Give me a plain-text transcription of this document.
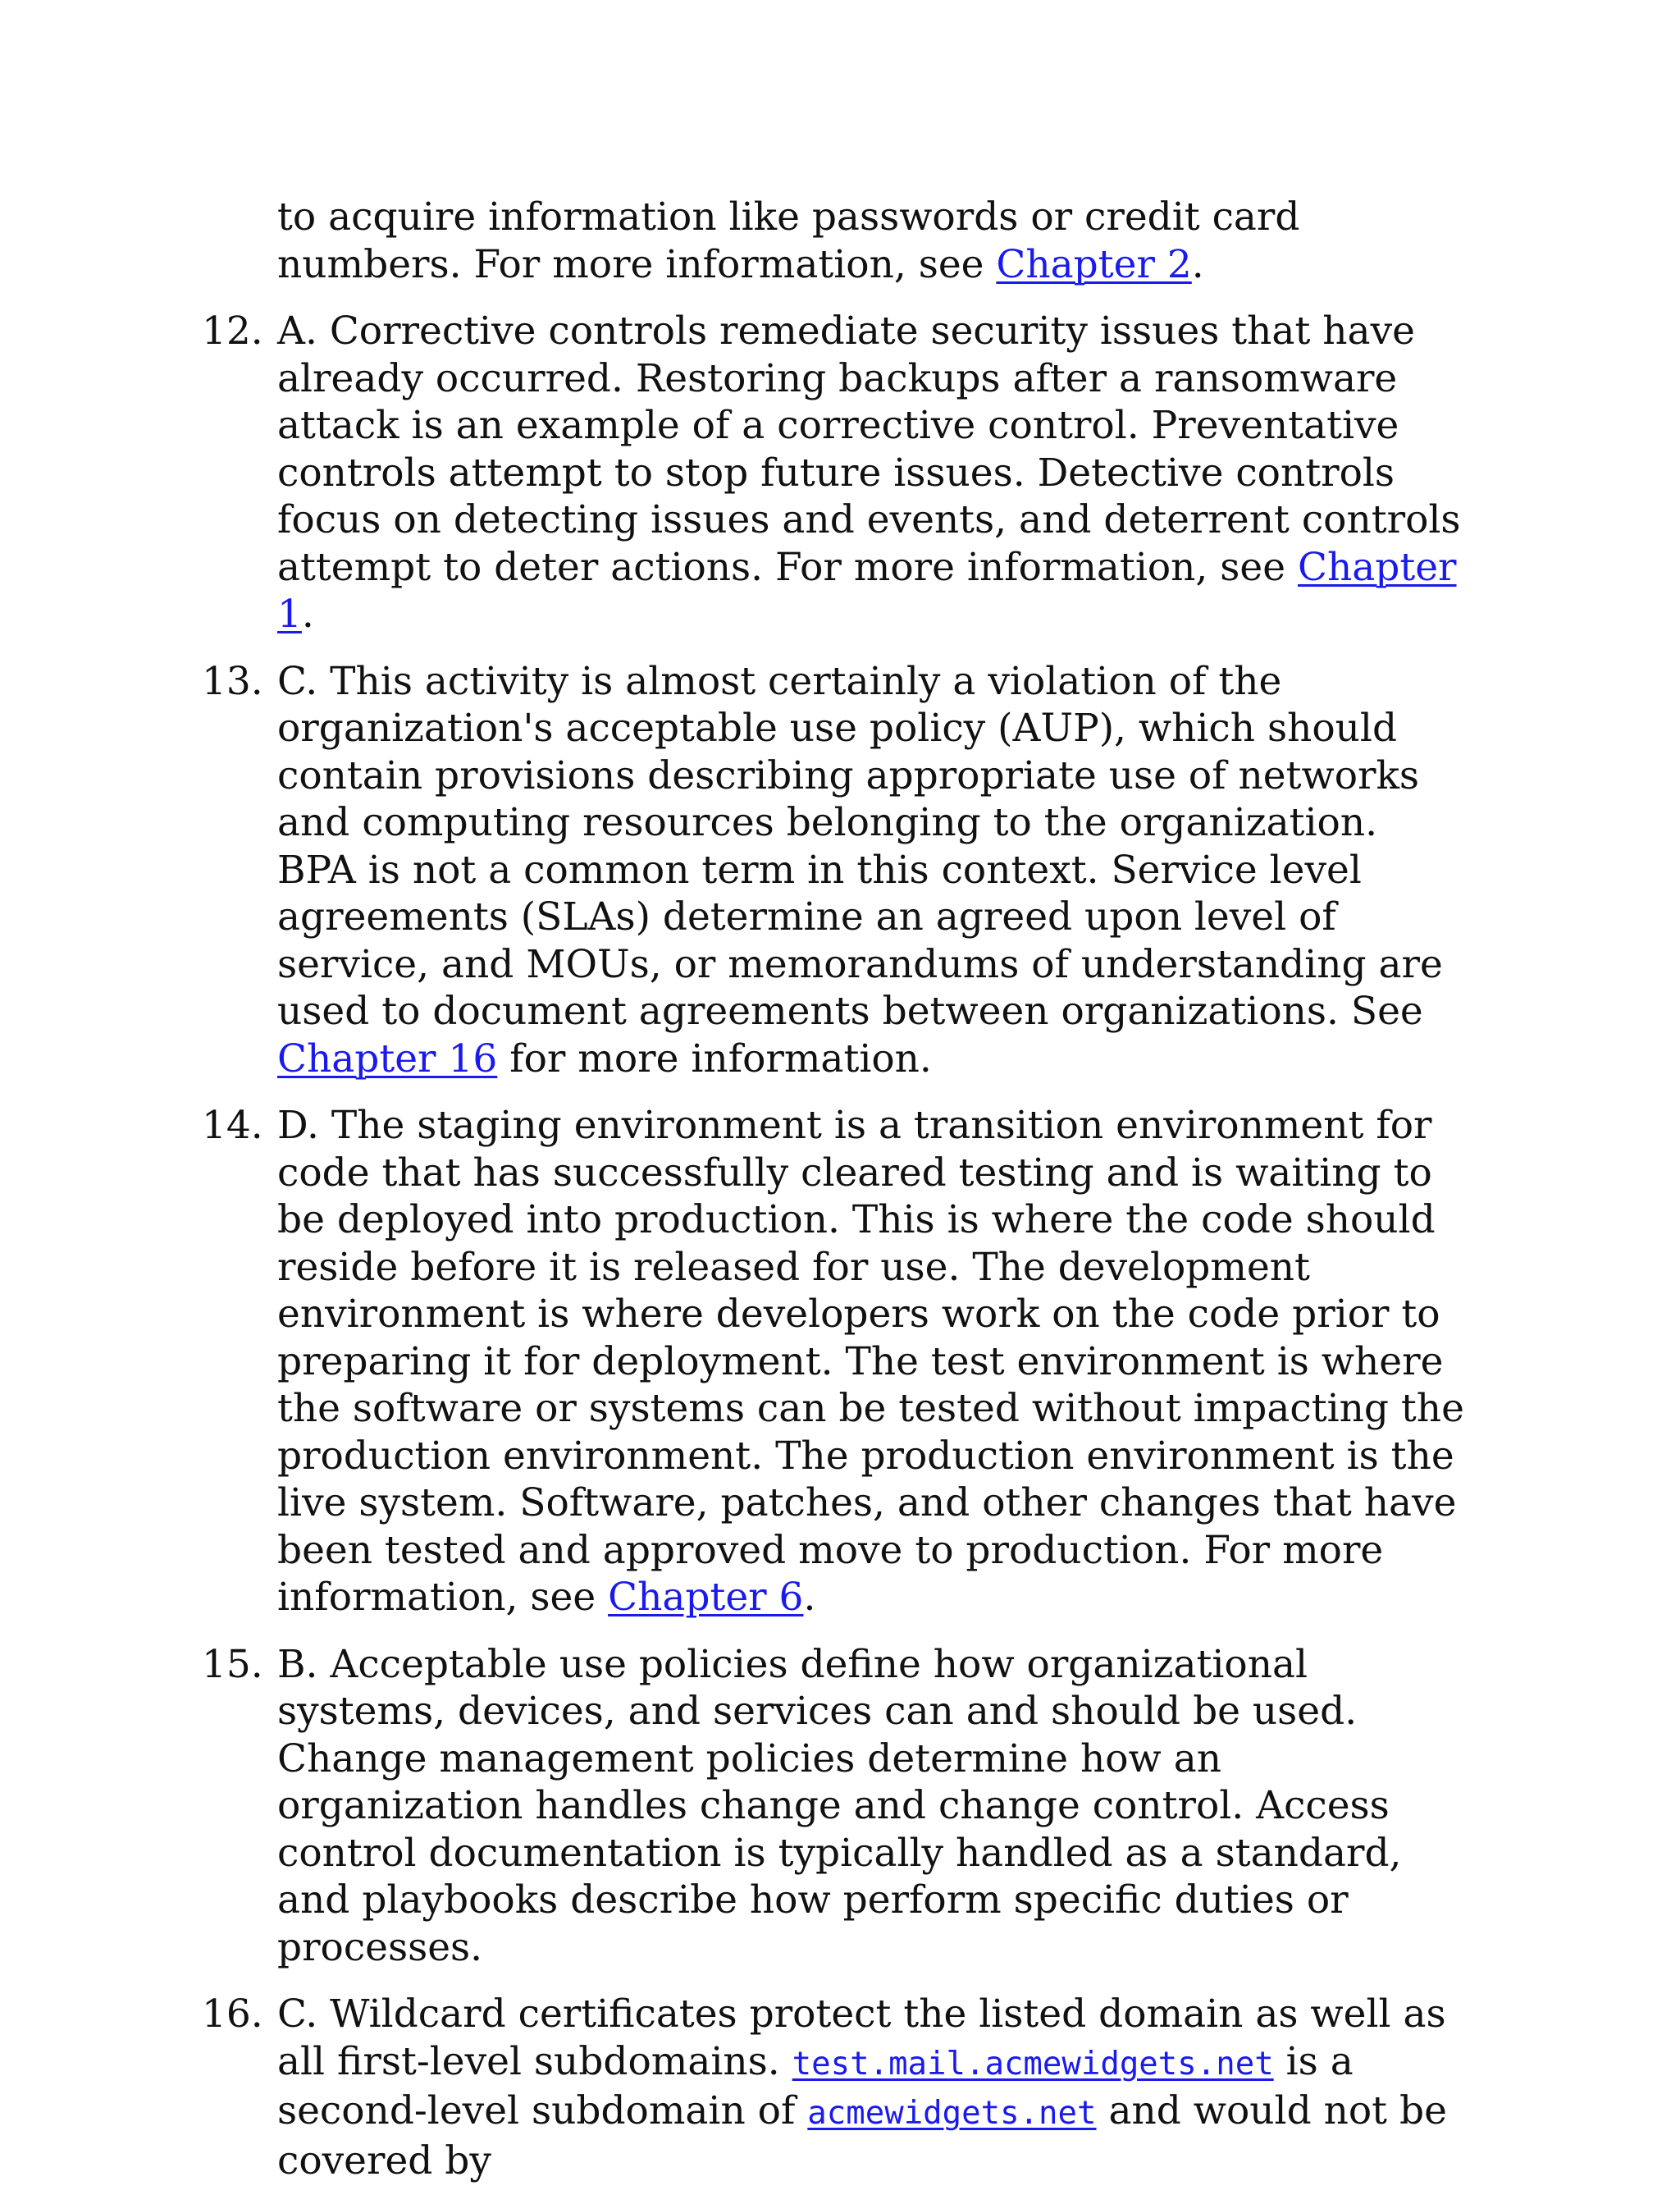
to acquire information like passwords or credit card numbers. For more information, see Chapter 2.

12. A. Corrective controls remediate security issues that have already occurred. Restoring backups after a ransomware attack is an example of a corrective control. Preventative controls attempt to stop future issues. Detective controls focus on detecting issues and events, and deterrent controls attempt to deter actions. For more information, see Chapter 1.

13. C. This activity is almost certainly a violation of the organization's acceptable use policy (AUP), which should contain provisions describing appropriate use of networks and computing resources belonging to the organization. BPA is not a common term in this context. Service level agreements (SLAs) determine an agreed upon level of service, and MOUs, or memorandums of understanding are used to document agreements between organizations. See Chapter 16 for more information.

14. D. The staging environment is a transition environment for code that has successfully cleared testing and is waiting to be deployed into production. This is where the code should reside before it is released for use. The development environment is where developers work on the code prior to preparing it for deployment. The test environment is where the software or systems can be tested without impacting the production environment. The production environment is the live system. Software, patches, and other changes that have been tested and approved move to production. For more information, see Chapter 6.

15. B. Acceptable use policies define how organizational systems, devices, and services can and should be used. Change management policies determine how an organization handles change and change control. Access control documentation is typically handled as a standard, and playbooks describe how perform specific duties or processes.

16. C. Wildcard certificates protect the listed domain as well as all first-level subdomains. test.mail.acmewidgets.net is a second-level subdomain of acmewidgets.net and would not be covered by
